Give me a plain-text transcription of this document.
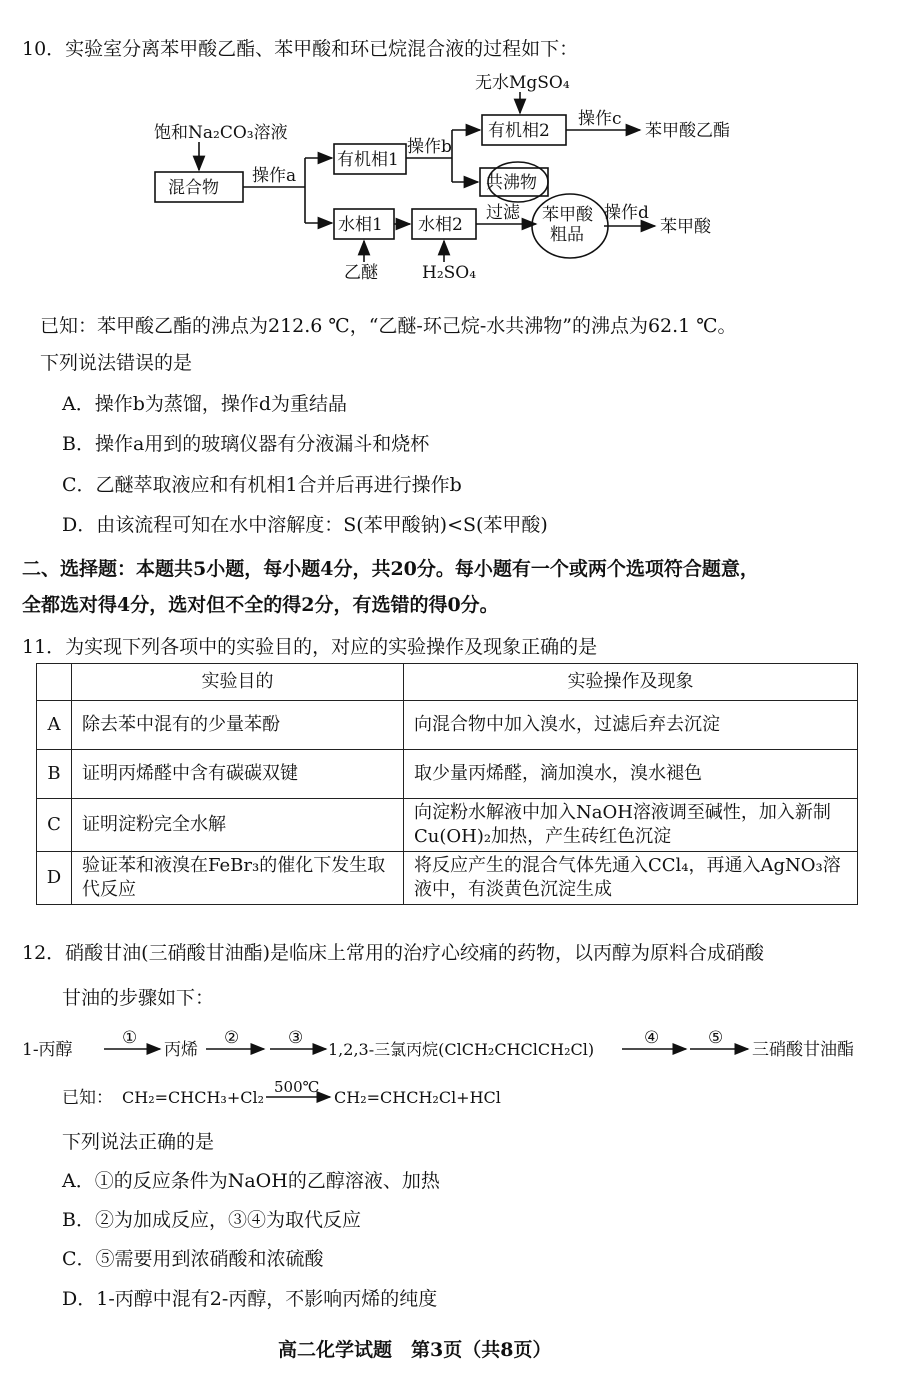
10．实验室分离苯甲酸乙酯、苯甲酸和环已烷混合液的过程如下：
饱和Na₂CO₃溶液
混合物
操作a
有机相1
操作b
无水MgSO₄
有机相2
操作c
苯甲酸乙酯
共沸物
水相1 水相2
乙醚	H₂SO₄
过滤 苯甲酸
粗品
操作d
苯甲酸
已知：苯甲酸乙酯的沸点为212.6 ℃，“乙醚-环己烷-水共沸物”的沸点为62.1 ℃。
下列说法错误的是
A．操作b为蒸馏，操作d为重结晶
B．操作a用到的玻璃仪器有分液漏斗和烧杯
C．乙醚萃取液应和有机相1合并后再进行操作b
D．由该流程可知在水中溶解度：S(苯甲酸钠)<S(苯甲酸)
二、选择题：本题共5小题，每小题4分，共20分。每小题有一个或两个选项符合题意，
全都选对得4分，选对但不全的得2分，有选错的得0分。
11．为实现下列各项中的实验目的，对应的实验操作及现象正确的是
	实验目的	实验操作及现象
A	除去苯中混有的少量苯酚	向混合物中加入溴水，过滤后弃去沉淀
B	证明丙烯醛中含有碳碳双键	取少量丙烯醛，滴加溴水，溴水褪色
C	证明淀粉完全水解	向淀粉水解液中加入NaOH溶液调至碱性，加入新制Cu(OH)₂加热，产生砖红色沉淀
D	验证苯和液溴在FeBr₃的催化下发生取代反应	将反应产生的混合气体先通入CCl₄，再通入AgNO₃溶液中，有淡黄色沉淀生成
12．硝酸甘油(三硝酸甘油酯)是临床上常用的治疗心绞痛的药物，以丙醇为原料合成硝酸
甘油的步骤如下：
1-丙醇
①
丙烯
②	③
1,2,3-三氯丙烷(ClCH₂CHClCH₂Cl)
④	⑤
三硝酸甘油酯
已知： CH₂=CHCH₃+Cl₂
500℃
CH₂=CHCH₂Cl+HCl
下列说法正确的是
A．①的反应条件为NaOH的乙醇溶液、加热
B．②为加成反应，③④为取代反应
C．⑤需要用到浓硝酸和浓硫酸
D．1-丙醇中混有2-丙醇，不影响丙烯的纯度
高二化学试题　第3页（共8页）
